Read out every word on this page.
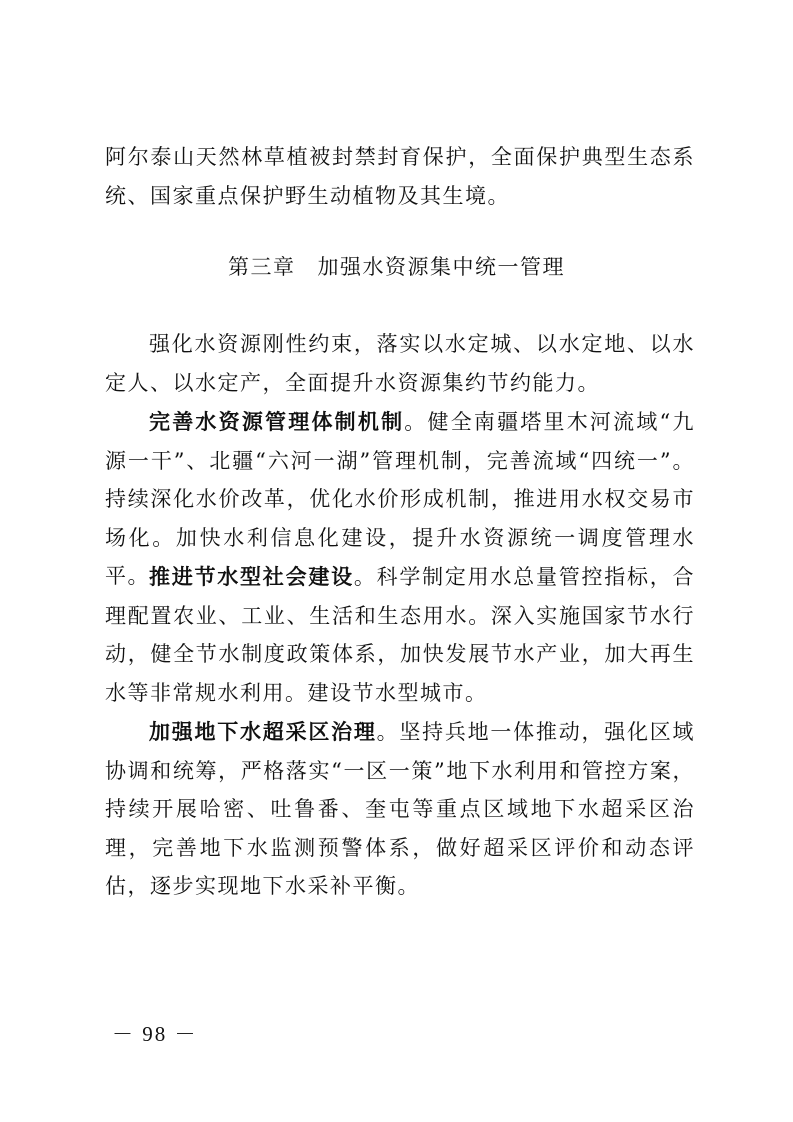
阿尔泰山天然林草植被封禁封育保护，全面保护典型生态系统、国家重点保护野生动植物及其生境。

第三章 加强水资源集中统一管理

强化水资源刚性约束，落实以水定城、以水定地、以水定人、以水定产，全面提升水资源集约节约能力。

完善水资源管理体制机制。健全南疆塔里木河流域“九源一干”、北疆“六河一湖”管理机制，完善流域“四统一”。持续深化水价改革，优化水价形成机制，推进用水权交易市场化。加快水利信息化建设，提升水资源统一调度管理水平。 推进节水型社会建设。科学制定用水总量管控指标，合理配置农业、工业、生活和生态用水。深入实施国家节水行动，健全节水制度政策体系，加快发展节水产业，加大再生水等非常规水利用。建设节水型城市。

加强地下水超采区治理。坚持兵地一体推动，强化区域协调和统筹，严格落实“一区一策”地下水利用和管控方案，持续开展哈密、吐鲁番、奎屯等重点区域地下水超采区治理，完善地下水监测预警体系，做好超采区评价和动态评估，逐步实现地下水采补平衡。

－ 98 －
